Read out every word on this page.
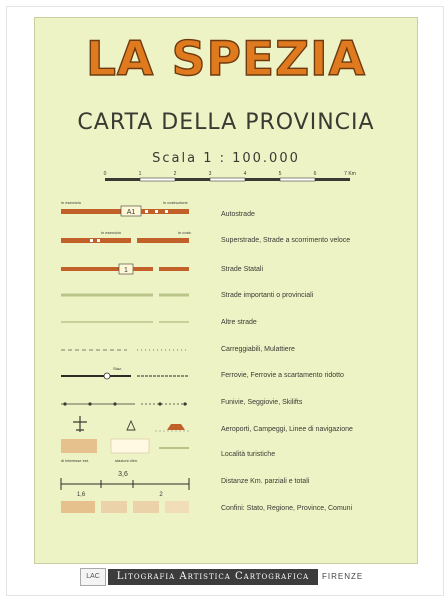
LA SPEZIA
CARTA DELLA PROVINCIA
Scala 1 : 100.000
0	1	2	3	4	5	6	7 Km
A1
in esercizio	in costruzione
in esercizio	in costr.
1
Staz.
di interesse est.	stazioni clim.
3,6
1,6	2
Autostrade
Superstrade, Strade a scorrimento veloce
Strade Statali
Strade importanti o provinciali
Altre strade
Carreggiabili, Mulattiere
Ferrovie, Ferrovie a scartamento ridotto
Funivie, Seggiovie, Skilifts
Aeroporti, Campeggi, Linee di navigazione
Località turistiche
Distanze Km. parziali e totali
Confini: Stato, Regione, Province, Comuni
LAC	Litografia Artistica Cartografica	FIRENZE
